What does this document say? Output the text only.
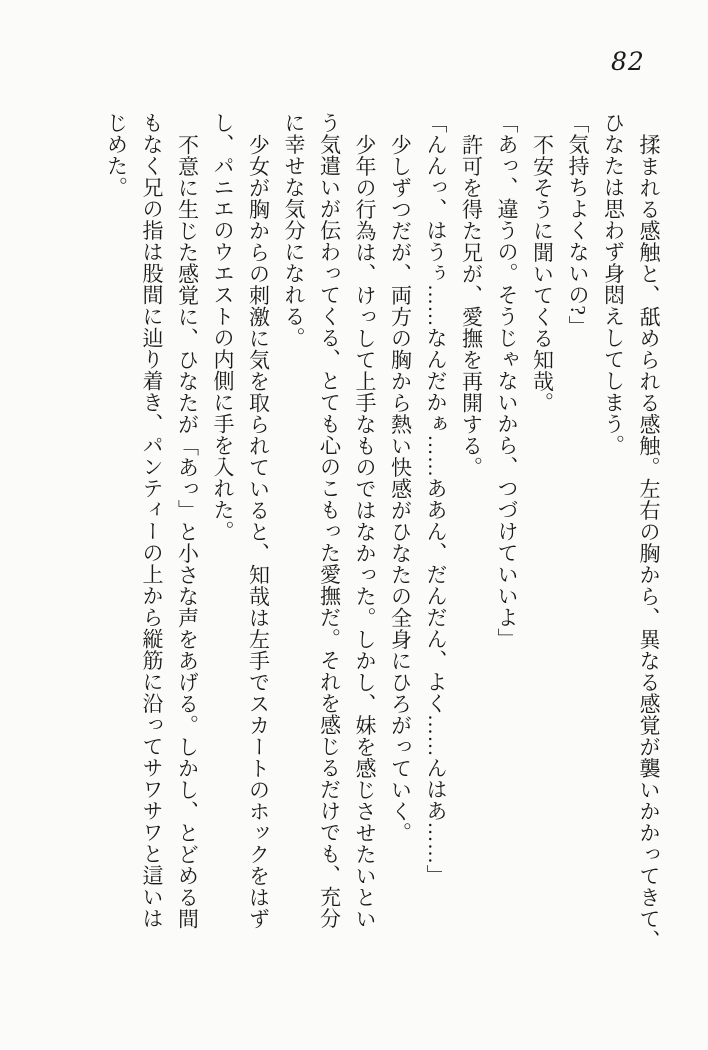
82

揉まれる感触と、舐められる感触。左右の胸から、異なる感覚が襲いかかってきて、

ひなたは思わず身悶えしてしまう。

「気持ちよくないの?」

不安そうに聞いてくる知哉。

「あっ、違うの。そうじゃないから、つづけていいよ」

許可を得た兄が、愛撫を再開する。

「んんっ、はうぅ……なんだかぁ……ああん、だんだん、よく……んはあ……」

少しずつだが、両方の胸から熱い快感がひなたの全身にひろがっていく。

少年の行為は、けっして上手なものではなかった。しかし、妹を感じさせたいとい

う気遣いが伝わってくる、とても心のこもった愛撫だ。それを感じるだけでも、充分

に幸せな気分になれる。

少女が胸からの刺激に気を取られていると、知哉は左手でスカートのホックをはず

し、パニエのウエストの内側に手を入れた。

不意に生じた感覚に、ひなたが「あっ」と小さな声をあげる。しかし、とどめる間

もなく兄の指は股間に辿り着き、パンティーの上から縦筋に沿ってサワサワと這いは

じめた。
